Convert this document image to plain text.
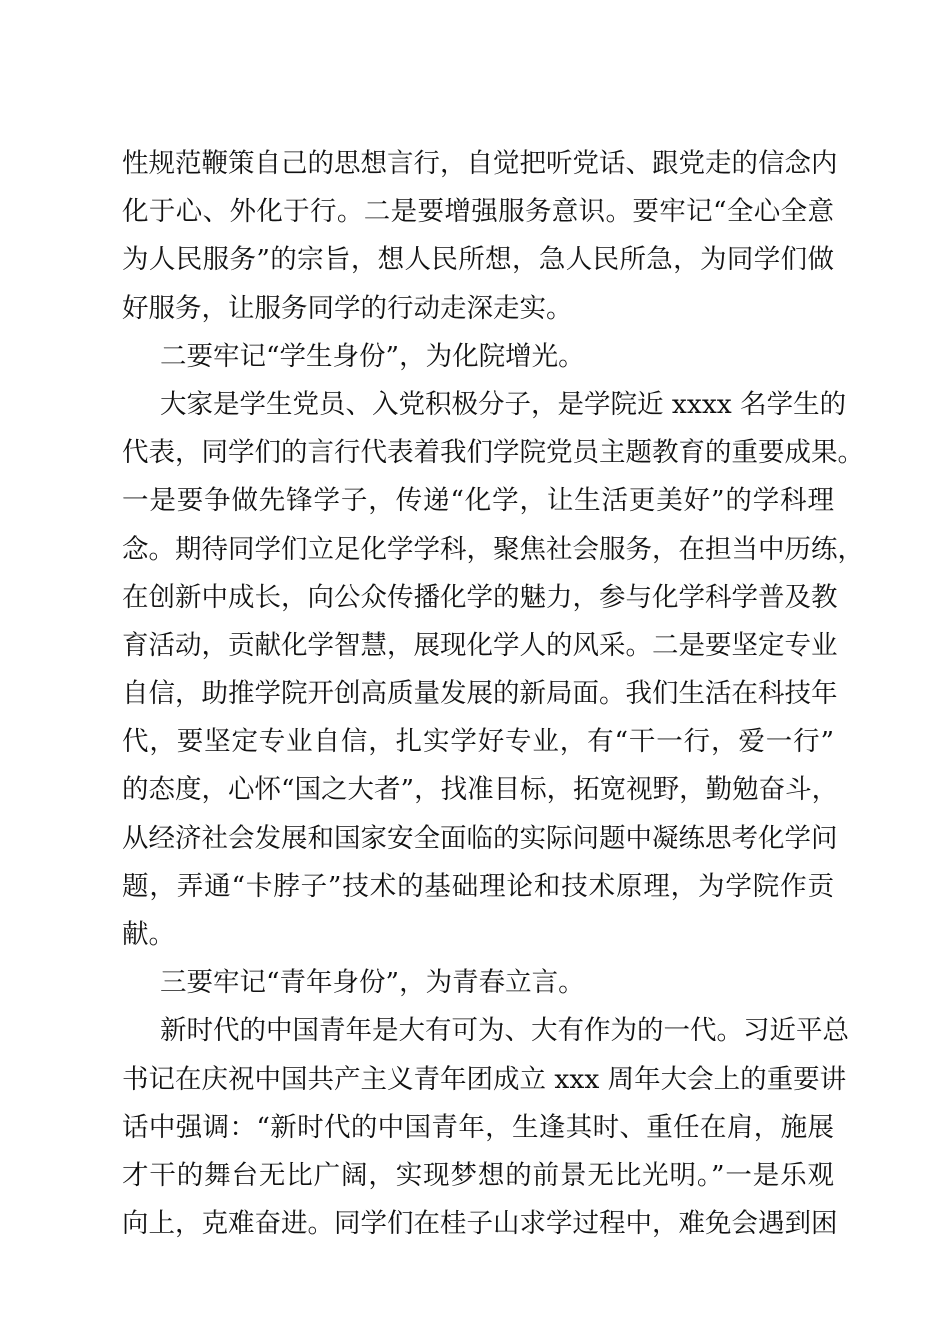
性规范鞭策自己的思想言行，自觉把听党话、跟党走的信念内
化于心、外化于行。二是要增强服务意识。要牢记“全心全意
为人民服务”的宗旨，想人民所想，急人民所急，为同学们做
好服务，让服务同学的行动走深走实。
二要牢记“学生身份”，为化院增光。
大家是学生党员、入党积极分子，是学院近 xxxx 名学生的
代表，同学们的言行代表着我们学院党员主题教育的重要成果。
一是要争做先锋学子，传递“化学，让生活更美好”的学科理
念。期待同学们立足化学学科，聚焦社会服务，在担当中历练，
在创新中成长，向公众传播化学的魅力，参与化学科学普及教
育活动，贡献化学智慧，展现化学人的风采。二是要坚定专业
自信，助推学院开创高质量发展的新局面。我们生活在科技年
代，要坚定专业自信，扎实学好专业，有“干一行，爱一行”
的态度，心怀“国之大者”，找准目标，拓宽视野，勤勉奋斗，
从经济社会发展和国家安全面临的实际问题中凝练思考化学问
题，弄通“卡脖子”技术的基础理论和技术原理，为学院作贡
献。
三要牢记“青年身份”，为青春立言。
新时代的中国青年是大有可为、大有作为的一代。习近平总
书记在庆祝中国共产主义青年团成立 xxx 周年大会上的重要讲
话中强调：“新时代的中国青年，生逢其时、重任在肩，施展
才干的舞台无比广阔，实现梦想的前景无比光明。”一是乐观
向上，克难奋进。同学们在桂子山求学过程中，难免会遇到困
